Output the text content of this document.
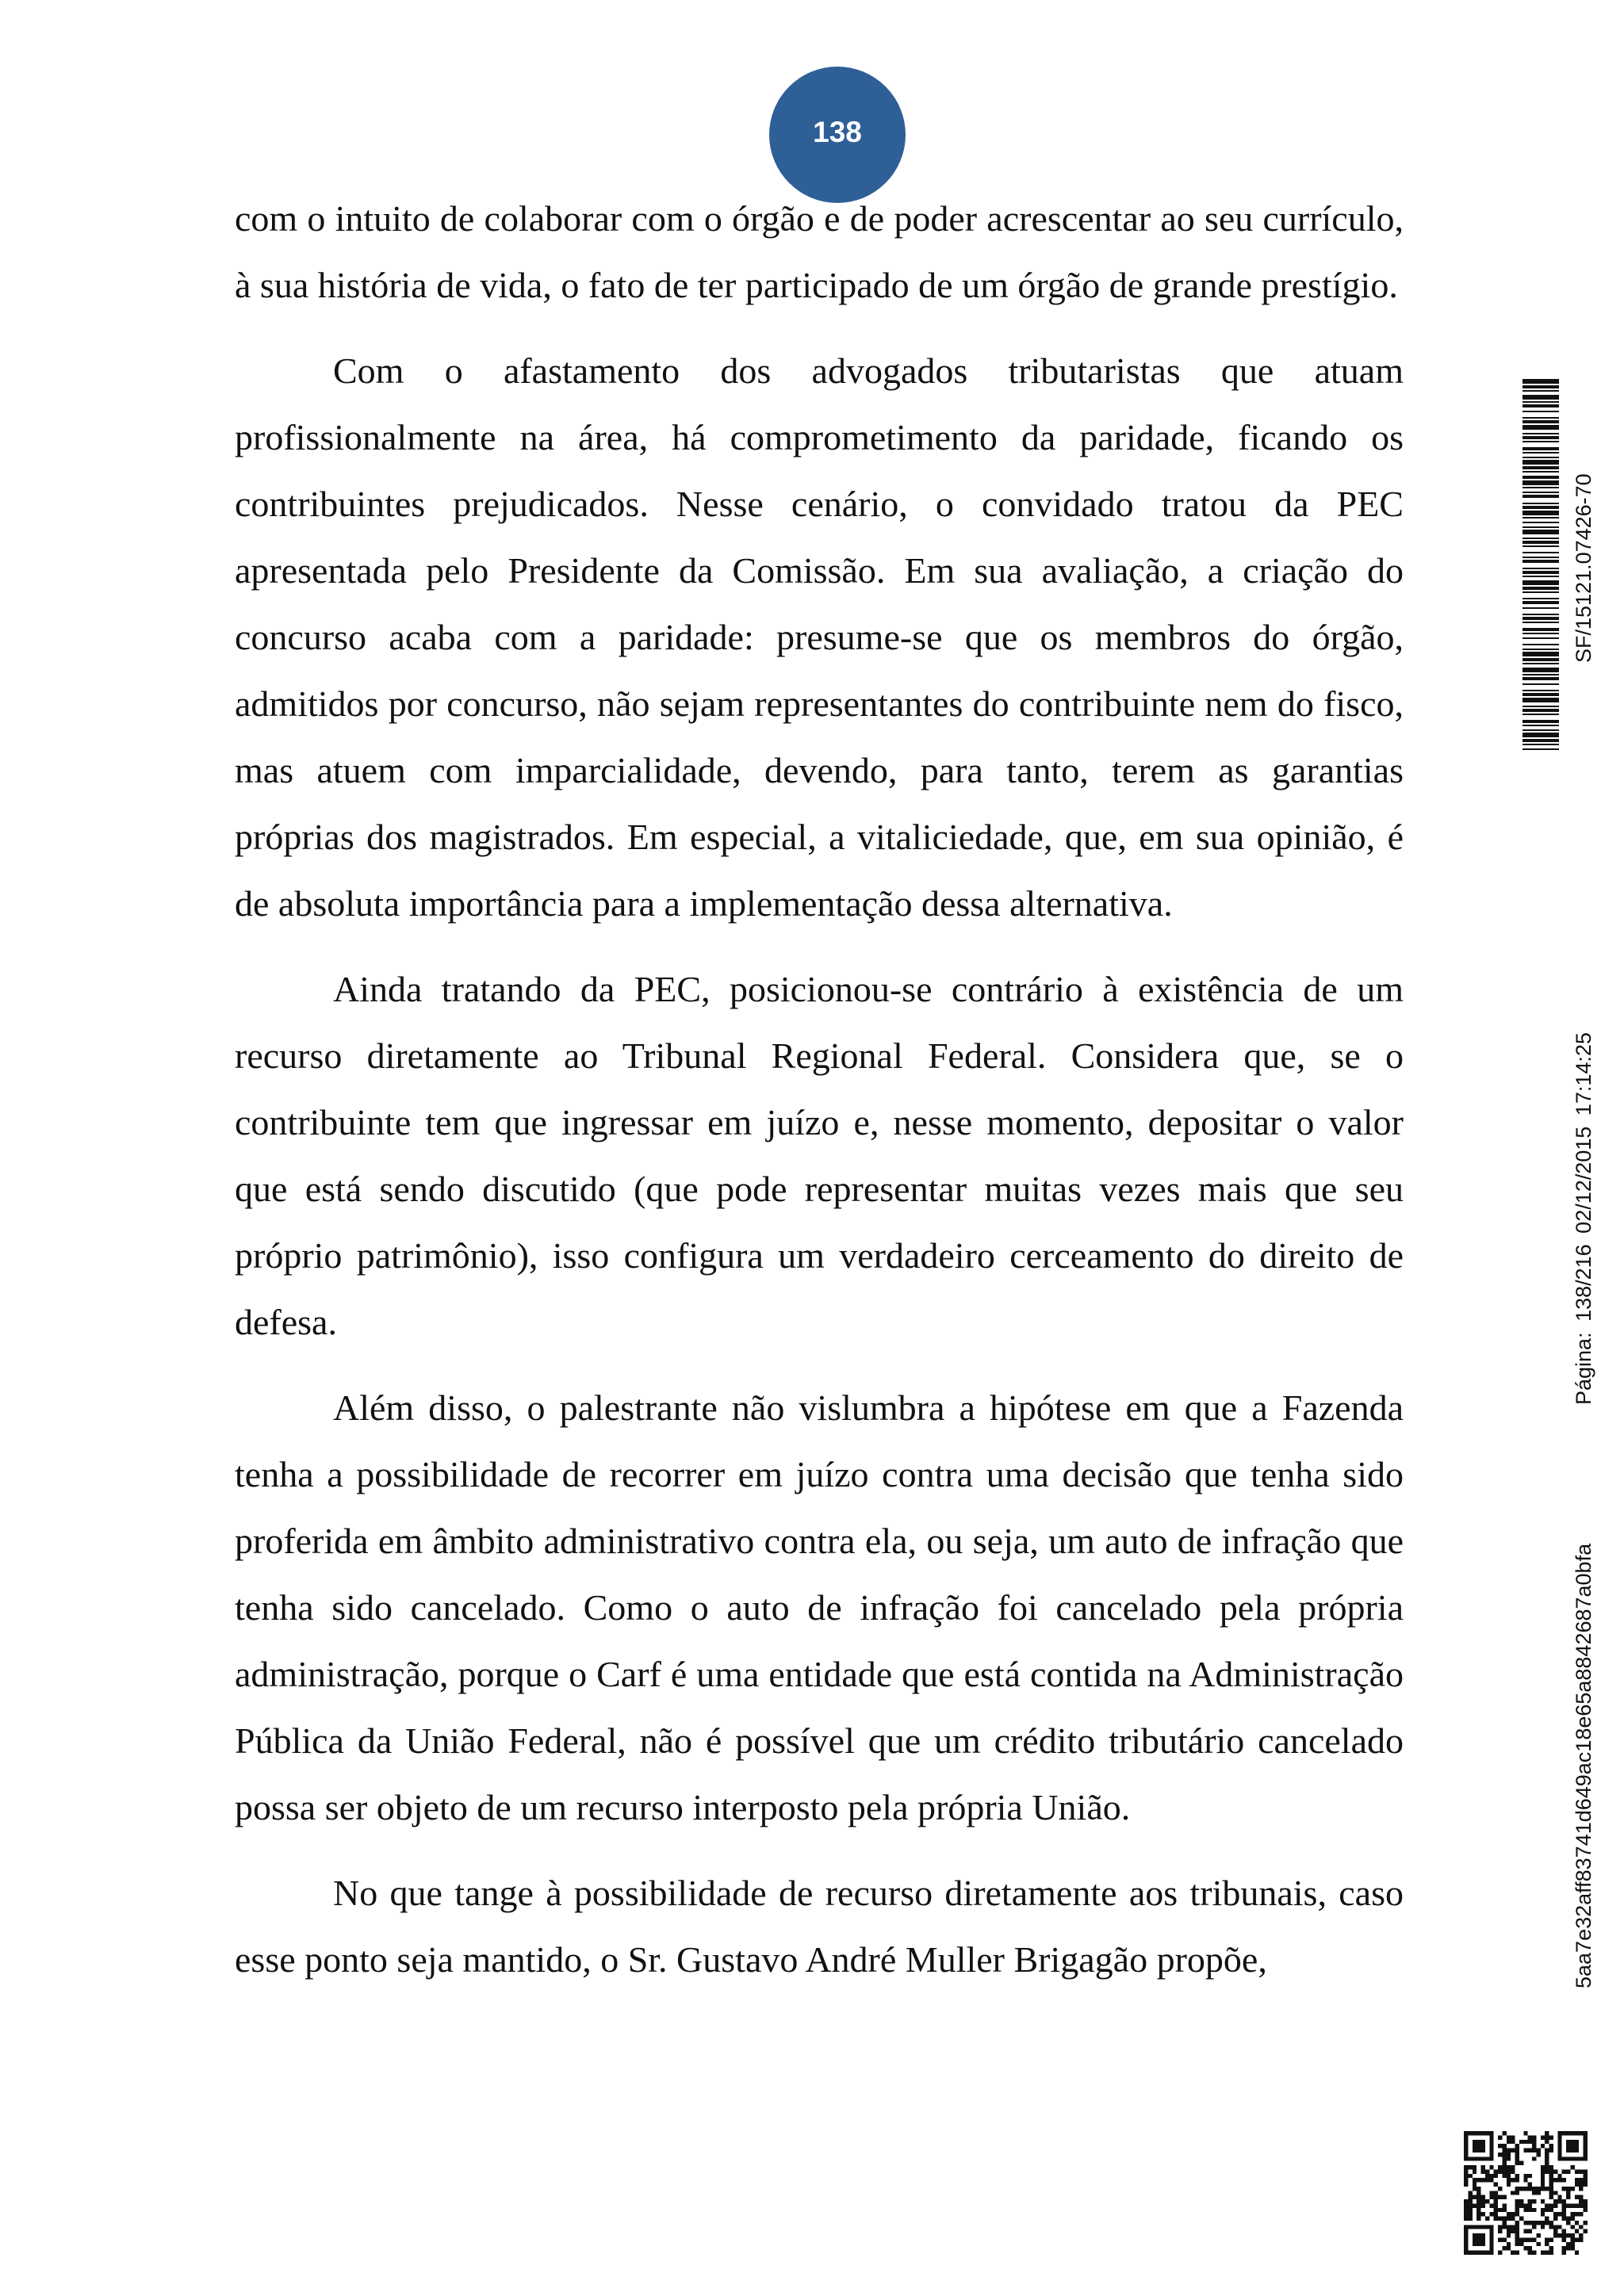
138

com o intuito de colaborar com o órgão e de poder acrescentar ao seu currículo, à sua história de vida, o fato de ter participado de um órgão de grande prestígio.

Com o afastamento dos advogados tributaristas que atuam profissionalmente na área, há comprometimento da paridade, ficando os contribuintes prejudicados. Nesse cenário, o convidado tratou da PEC apresentada pelo Presidente da Comissão. Em sua avaliação, a criação do concurso acaba com a paridade: presume-se que os membros do órgão, admitidos por concurso, não sejam representantes do contribuinte nem do fisco, mas atuem com imparcialidade, devendo, para tanto, terem as garantias próprias dos magistrados. Em especial, a vitaliciedade, que, em sua opinião, é de absoluta importância para a implementação dessa alternativa.

Ainda tratando da PEC, posicionou-se contrário à existência de um recurso diretamente ao Tribunal Regional Federal. Considera que, se o contribuinte tem que ingressar em juízo e, nesse momento, depositar o valor que está sendo discutido (que pode representar muitas vezes mais que seu próprio patrimônio), isso configura um verdadeiro cerceamento do direito de defesa.

Além disso, o palestrante não vislumbra a hipótese em que a Fazenda tenha a possibilidade de recorrer em juízo contra uma decisão que tenha sido proferida em âmbito administrativo contra ela, ou seja, um auto de infração que tenha sido cancelado. Como o auto de infração foi cancelado pela própria administração, porque o Carf é uma entidade que está contida na Administração Pública da União Federal, não é possível que um crédito tributário cancelado possa ser objeto de um recurso interposto pela própria União.

No que tange à possibilidade de recurso diretamente aos tribunais, caso esse ponto seja mantido, o Sr. Gustavo André Muller Brigagão propõe,

SF/15121.07426-70
Página: 138/216 02/12/2015 17:14:25
5aa7e32aff83741d649ac18e65a8842687a0bfa
